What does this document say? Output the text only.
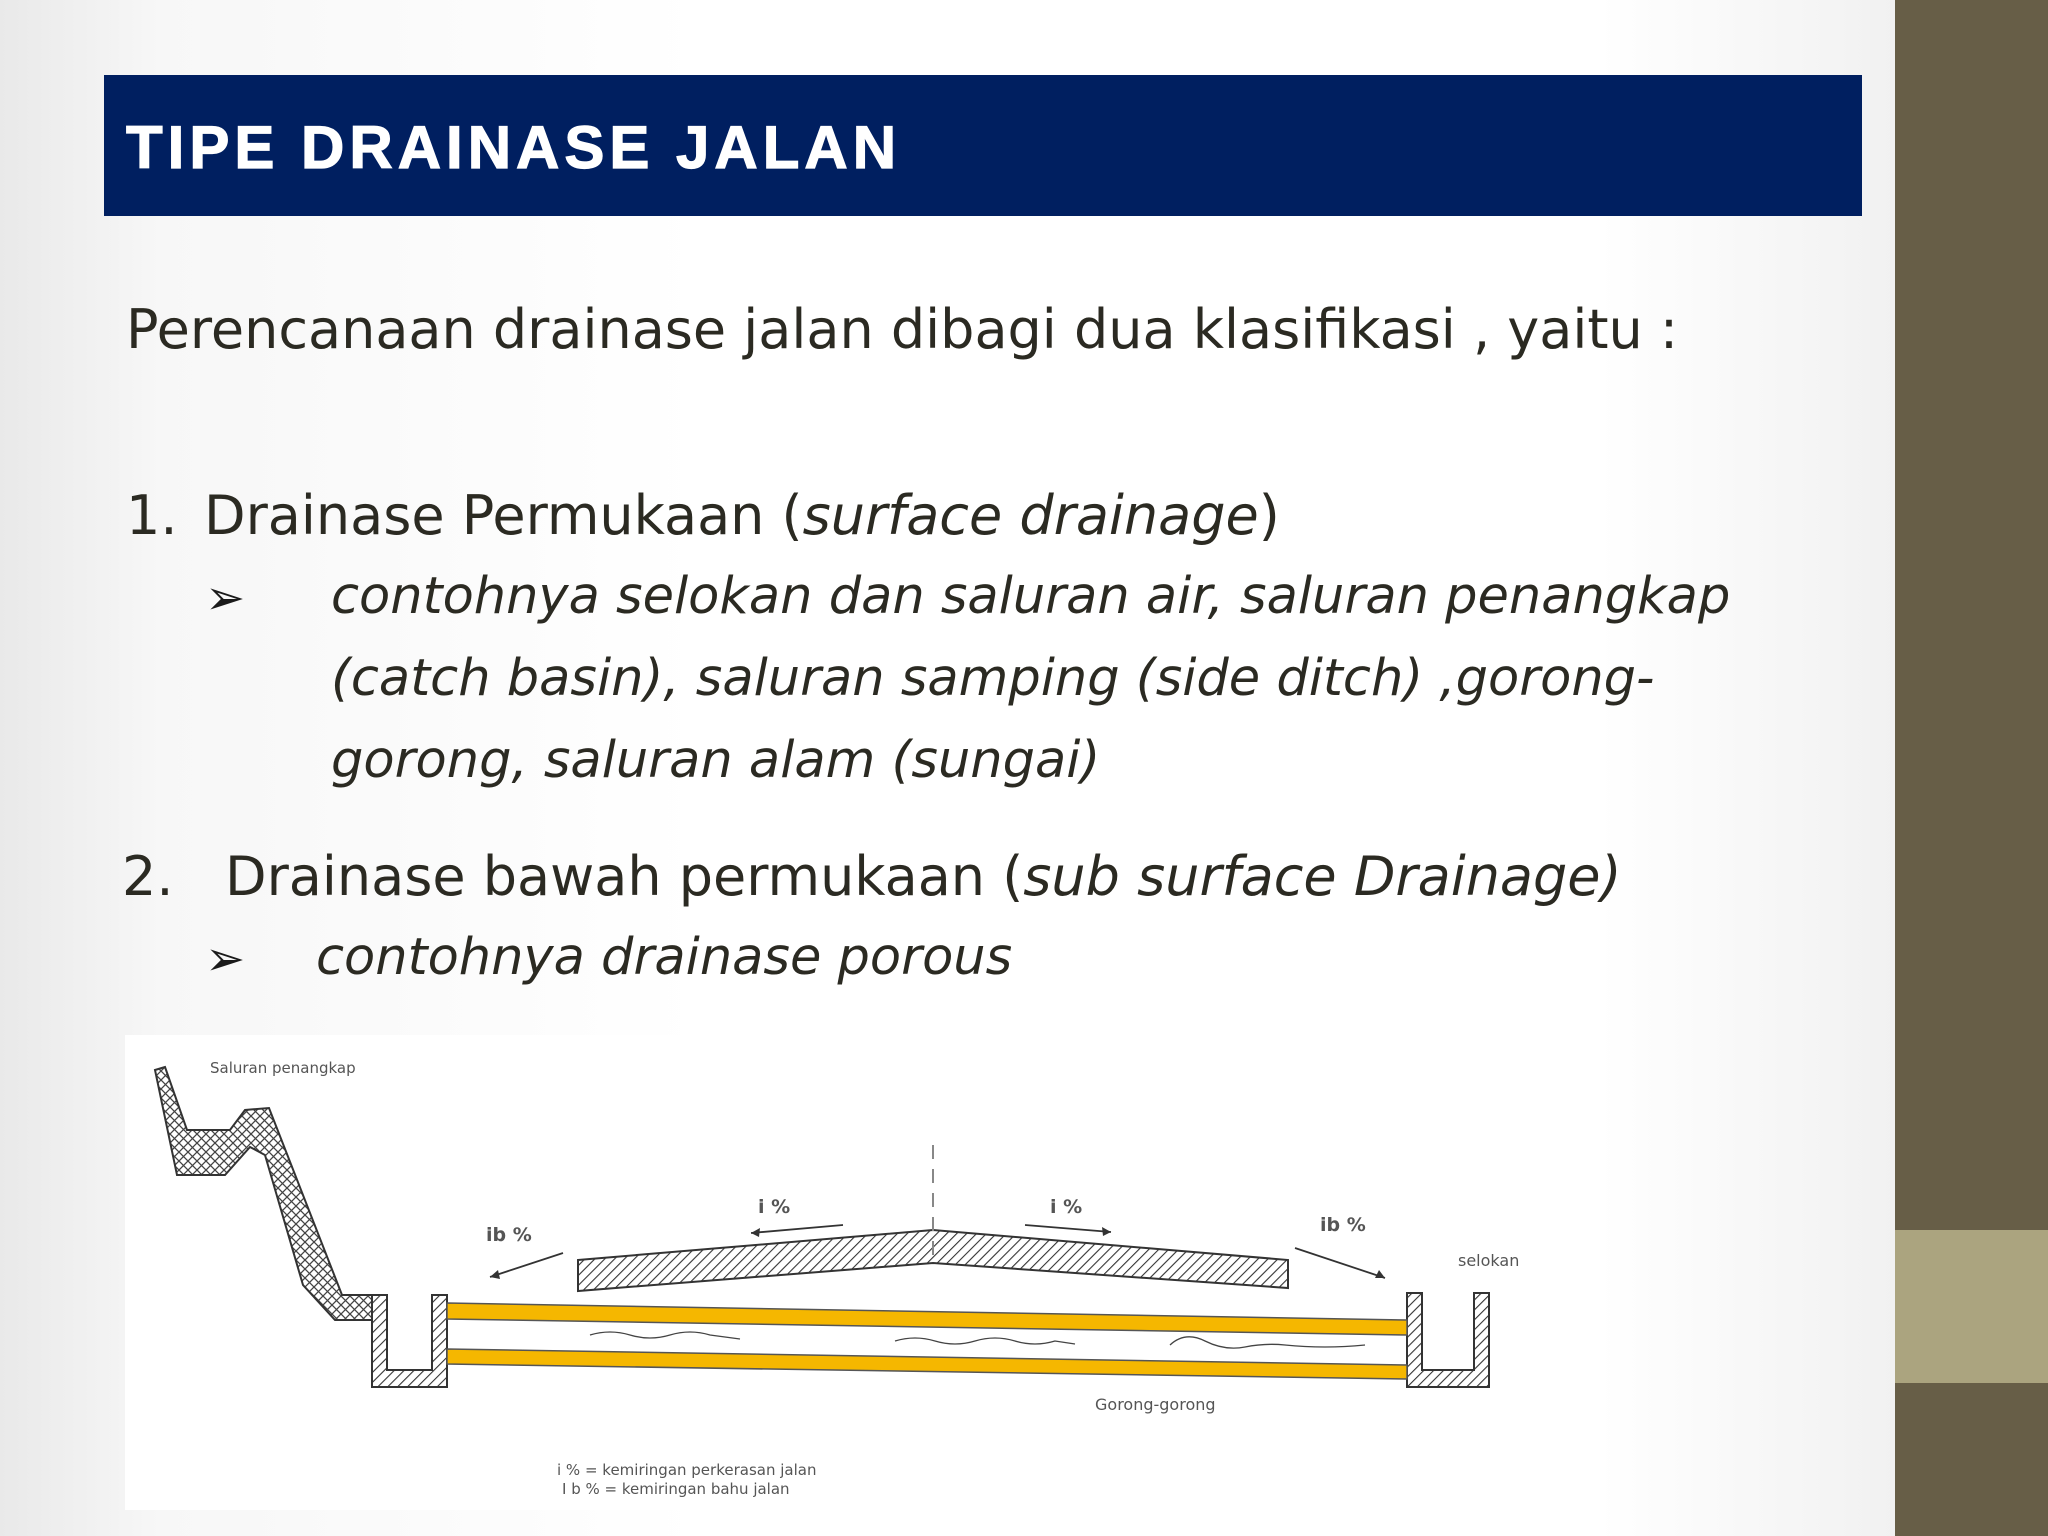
TIPE DRAINASE JALAN
Perencanaan drainase jalan dibagi dua klasifikasi , yaitu :
1. Drainase Permukaan (surface drainage)
➢ contohnya selokan dan saluran air, saluran penangkap
(catch basin), saluran samping (side ditch) ,gorong-
gorong, saluran alam (sungai)
2. Drainase bawah permukaan (sub surface Drainage)
➢ contohnya drainase porous
Saluran penangkap
selokan
i %	i %
ib %	ib %
Gorong-gorong
i % = kemiringan perkerasan jalan
I b % = kemiringan bahu jalan
